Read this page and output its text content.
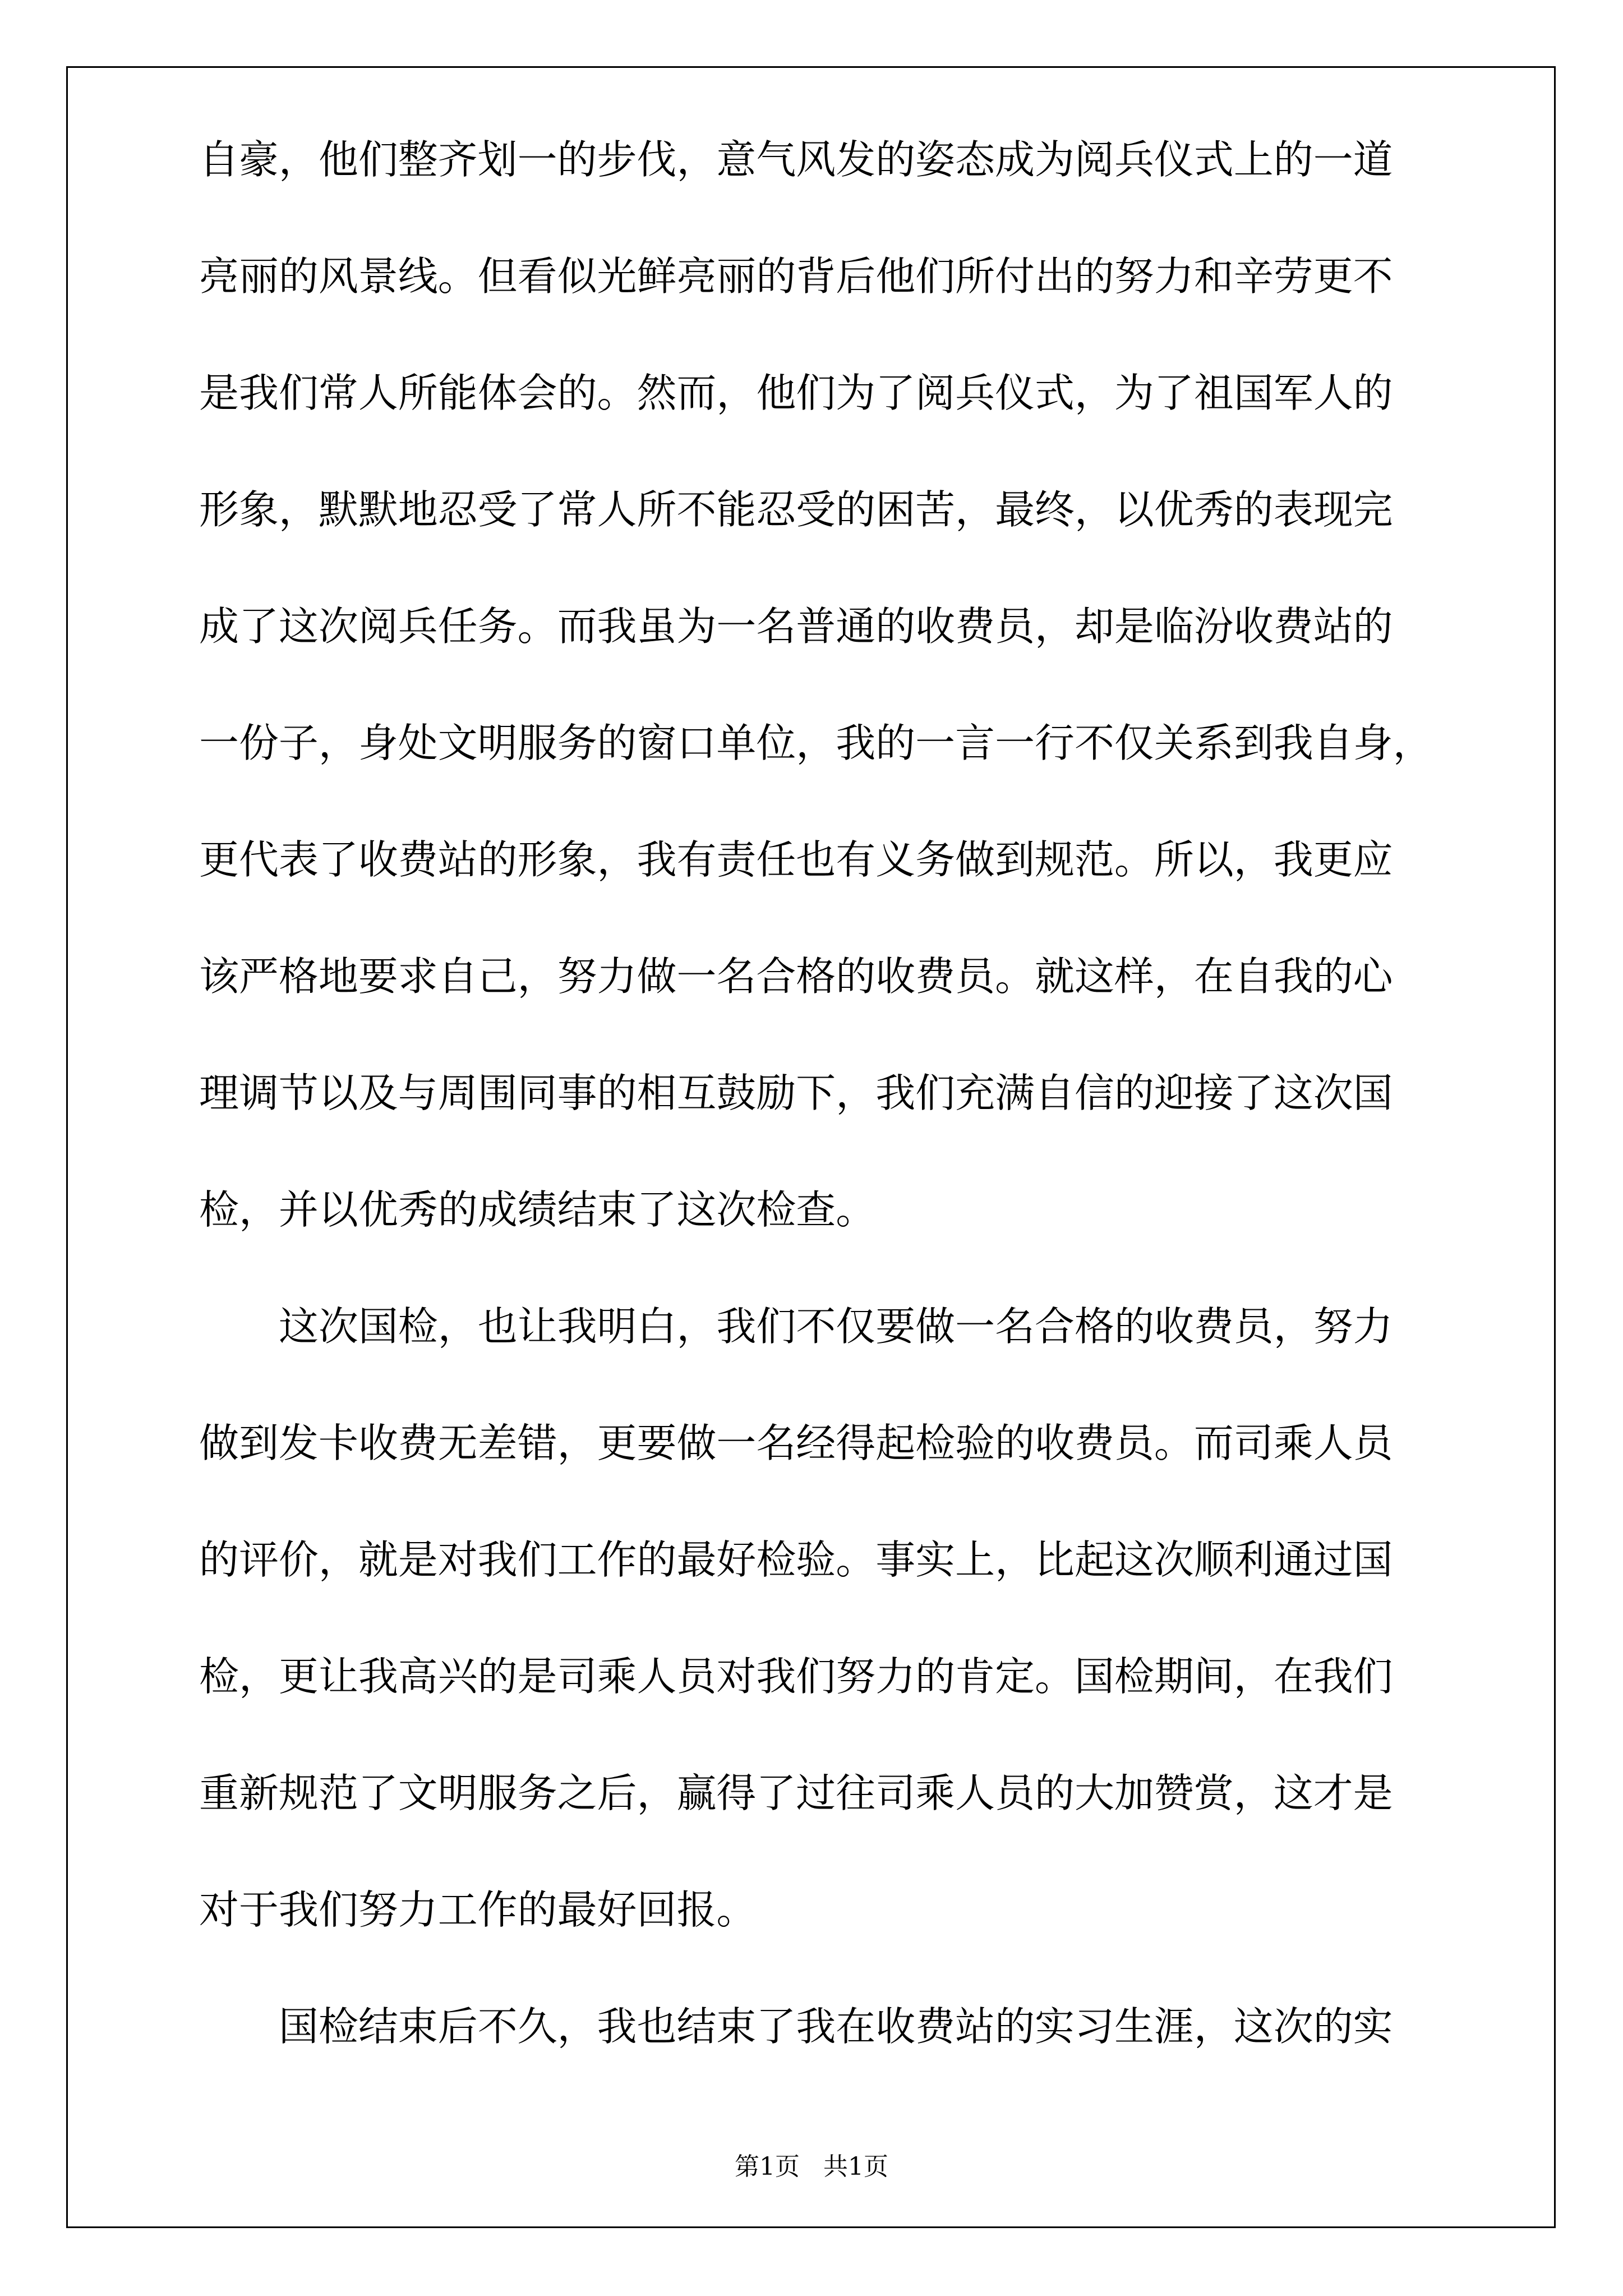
自豪，他们整齐划一的步伐，意气风发的姿态成为阅兵仪式上的一道
亮丽的风景线。但看似光鲜亮丽的背后他们所付出的努力和辛劳更不
是我们常人所能体会的。然而，他们为了阅兵仪式，为了祖国军人的
形象，默默地忍受了常人所不能忍受的困苦，最终，以优秀的表现完
成了这次阅兵任务。而我虽为一名普通的收费员，却是临汾收费站的
一份子，身处文明服务的窗口单位，我的一言一行不仅关系到我自身，
更代表了收费站的形象，我有责任也有义务做到规范。所以，我更应
该严格地要求自己，努力做一名合格的收费员。就这样，在自我的心
理调节以及与周围同事的相互鼓励下，我们充满自信的迎接了这次国
检，并以优秀的成绩结束了这次检查。
这次国检，也让我明白，我们不仅要做一名合格的收费员，努力
做到发卡收费无差错，更要做一名经得起检验的收费员。而司乘人员
的评价，就是对我们工作的最好检验。事实上，比起这次顺利通过国
检，更让我高兴的是司乘人员对我们努力的肯定。国检期间，在我们
重新规范了文明服务之后，赢得了过往司乘人员的大加赞赏，这才是
对于我们努力工作的最好回报。
国检结束后不久，我也结束了我在收费站的实习生涯，这次的实
第1页   共1页
